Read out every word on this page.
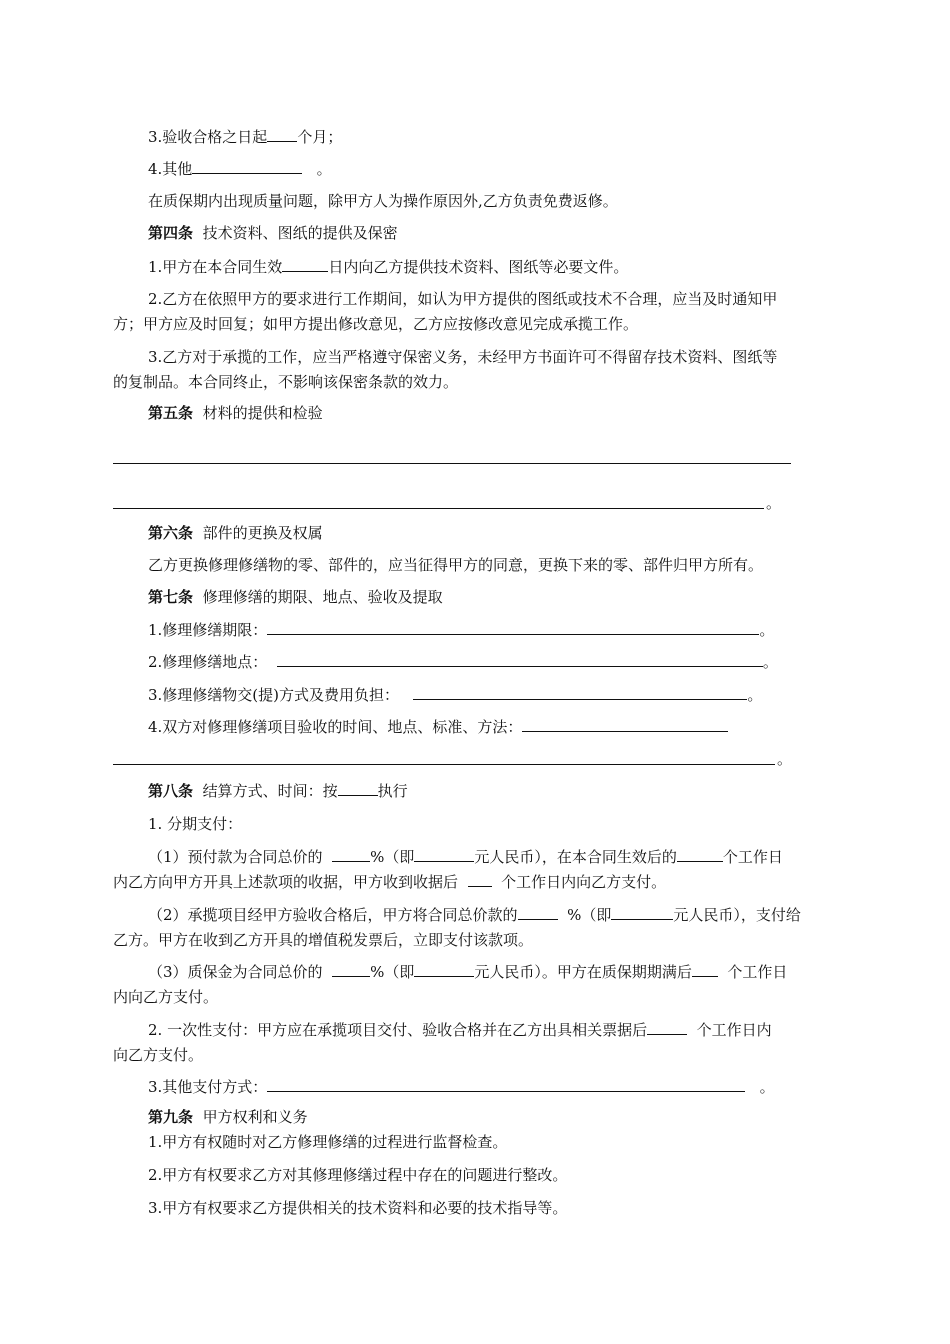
3.验收合格之日起 个月；
4.其他	。
在质保期内出现质量问题，除甲方人为操作原因外,乙方负责免费返修。
第四条 技术资料、图纸的提供及保密
1.甲方在本合同生效	日内向乙方提供技术资料、图纸等必要文件。
2.乙方在依照甲方的要求进行工作期间，如认为甲方提供的图纸或技术不合理，应当及时通知甲
方；甲方应及时回复；如甲方提出修改意见，乙方应按修改意见完成承揽工作。
3.乙方对于承揽的工作，应当严格遵守保密义务，未经甲方书面许可不得留存技术资料、图纸等
的复制品。本合同终止，不影响该保密条款的效力。
第五条 材料的提供和检验
。
第六条 部件的更换及权属
乙方更换修理修缮物的零、部件的，应当征得甲方的同意，更换下来的零、部件归甲方所有。
第七条 修理修缮的期限、地点、验收及提取
1.修理修缮期限：	。
2.修理修缮地点：	。
3.修理修缮物交(提)方式及费用负担：	。
4.双方对修理修缮项目验收的时间、地点、标准、方法：
。
第八条 结算方式、时间：按	执行
1. 分期支付：
（1）预付款为合同总价的	%（即	元人民币），在本合同生效后的	个工作日
内乙方向甲方开具上述款项的收据，甲方收到收据后	个工作日内向乙方支付。
（2）承揽项目经甲方验收合格后，甲方将合同总价款的	%（即	元人民币），支付给
乙方。甲方在收到乙方开具的增值税发票后，立即支付该款项。
（3）质保金为合同总价的	%（即	元人民币）。甲方在质保期期满后 个工作日
内向乙方支付。
2. 一次性支付：甲方应在承揽项目交付、验收合格并在乙方出具相关票据后	个工作日内
向乙方支付。
3.其他支付方式：	。
第九条 甲方权利和义务
1.甲方有权随时对乙方修理修缮的过程进行监督检查。
2.甲方有权要求乙方对其修理修缮过程中存在的问题进行整改。
3.甲方有权要求乙方提供相关的技术资料和必要的技术指导等。
